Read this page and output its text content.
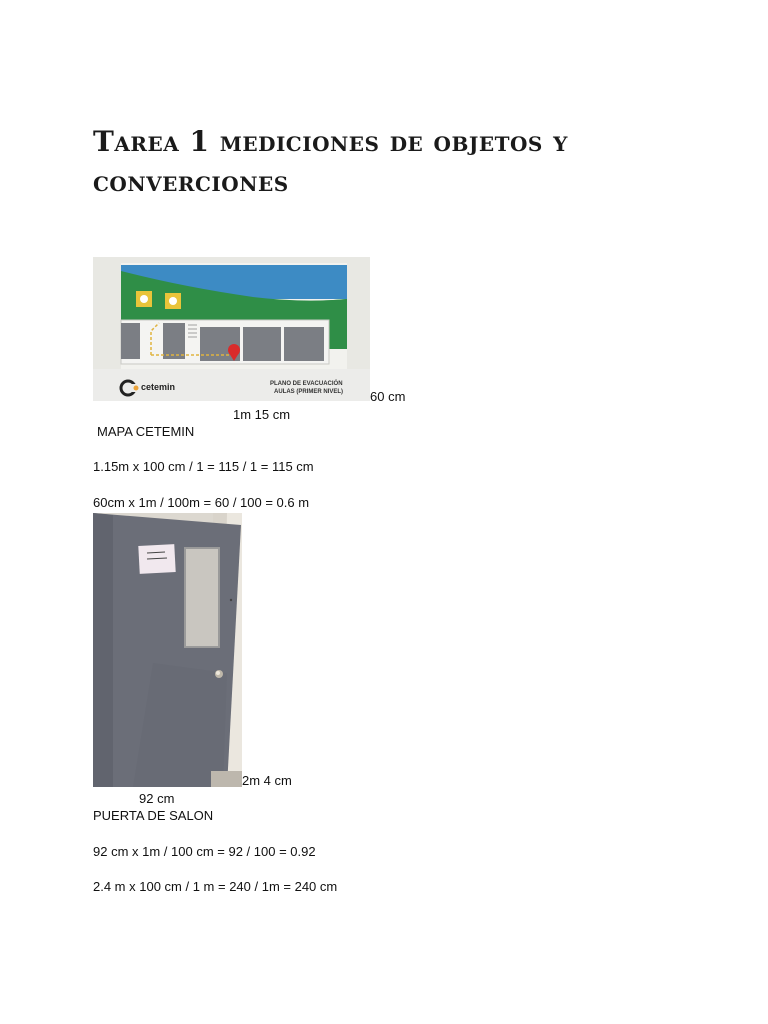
Tarea 1 mediciones de objetos y converciones
cetemin	PLANO DE EVACUACIÓN
AULAS (PRIMER NIVEL) 60 cm
1m 15 cm
MAPA CETEMIN
1.15m x 100 cm / 1 = 115 / 1 = 115 cm
60cm x 1m / 100m = 60 / 100 = 0.6 m
2m 4 cm
92 cm
PUERTA DE SALON
92 cm x 1m / 100 cm = 92 / 100 = 0.92
2.4 m x 100 cm / 1 m = 240 / 1m = 240 cm
